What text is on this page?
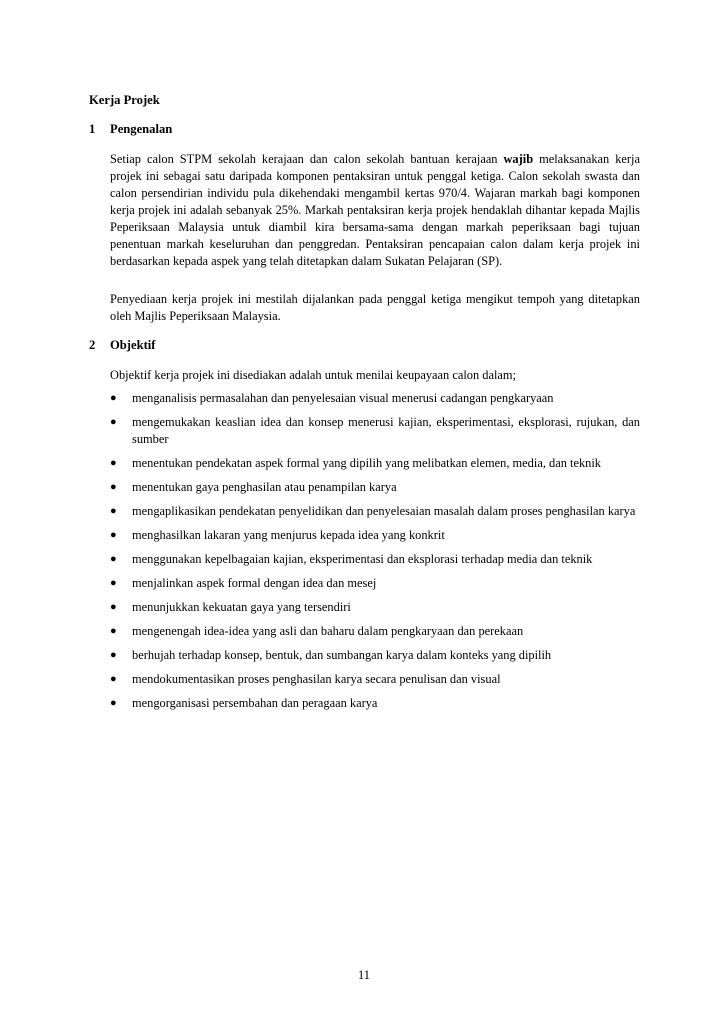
Kerja Projek
1	Pengenalan

Setiap calon STPM sekolah kerajaan dan calon sekolah bantuan kerajaan wajib melaksanakan kerja projek ini sebagai satu daripada komponen pentaksiran untuk penggal ketiga. Calon sekolah swasta dan calon persendirian individu pula dikehendaki mengambil kertas 970/4. Wajaran markah bagi komponen kerja projek ini adalah sebanyak 25%. Markah pentaksiran kerja projek hendaklah dihantar kepada Majlis Peperiksaan Malaysia untuk diambil kira bersama-sama dengan markah peperiksaan bagi tujuan penentuan markah keseluruhan dan penggredan. Pentaksiran pencapaian calon dalam kerja projek ini berdasarkan kepada aspek yang telah ditetapkan dalam Sukatan Pelajaran (SP).

Penyediaan kerja projek ini mestilah dijalankan pada penggal ketiga mengikut tempoh yang ditetapkan oleh Majlis Peperiksaan Malaysia.

2	Objektif

Objektif kerja projek ini disediakan adalah untuk menilai keupayaan calon dalam;

● menganalisis permasalahan dan penyelesaian visual menerusi cadangan pengkaryaan
● mengemukakan keaslian idea dan konsep menerusi kajian, eksperimentasi, eksplorasi, rujukan, dan sumber
● menentukan pendekatan aspek formal yang dipilih yang melibatkan elemen, media, dan teknik
● menentukan gaya penghasilan atau penampilan karya
● mengaplikasikan pendekatan penyelidikan dan penyelesaian masalah dalam proses penghasilan karya
● menghasilkan lakaran yang menjurus kepada idea yang konkrit
● menggunakan kepelbagaian kajian, eksperimentasi dan eksplorasi terhadap media dan teknik
● menjalinkan aspek formal dengan idea dan mesej
● menunjukkan kekuatan gaya yang tersendiri
● mengenengah idea-idea yang asli dan baharu dalam pengkaryaan dan perekaan
● berhujah terhadap konsep, bentuk, dan sumbangan karya dalam konteks yang dipilih
● mendokumentasikan proses penghasilan karya secara penulisan dan visual
● mengorganisasi persembahan dan peragaan karya
11
